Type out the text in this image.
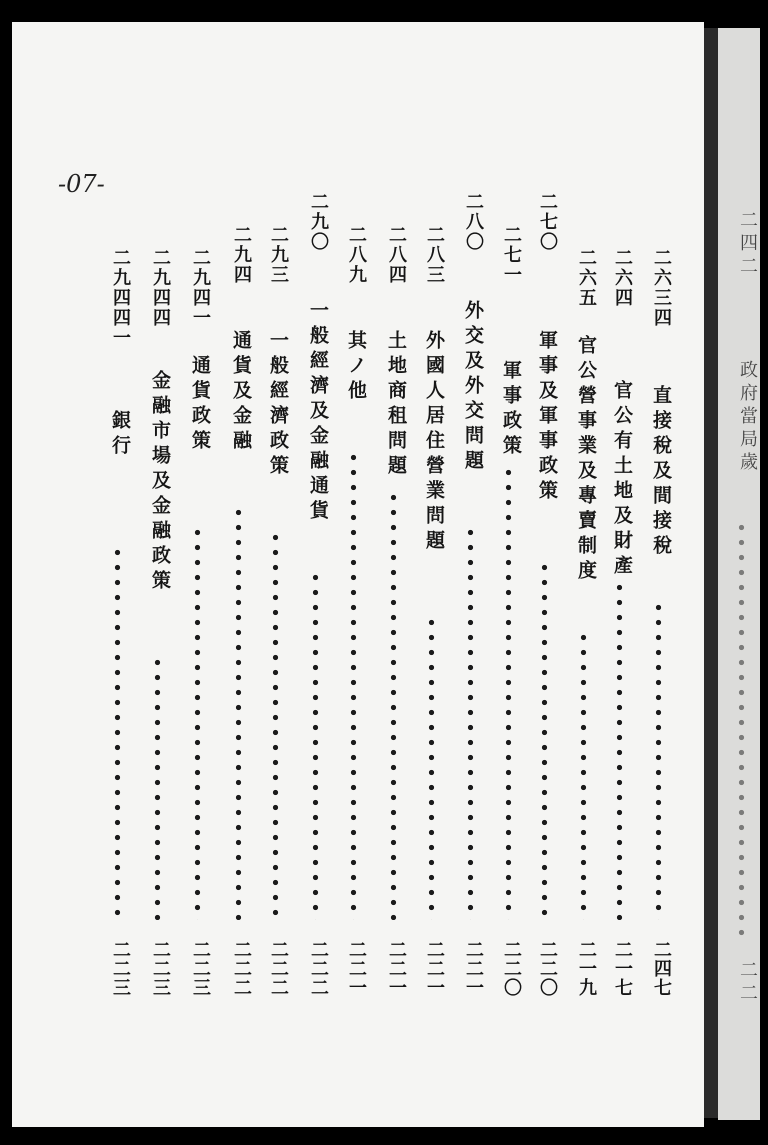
-07-
二四二
政府當局歲
二二
二六三四
直接稅及間接稅
二四七
二六四
官公有土地及財產
二一七
二六五
官公營事業及專賣制度
二一九
二七〇
軍事及軍事政策
二二〇
二七一
軍事政策
二二〇
二八〇
外交及外交問題
二二一
二八三
外國人居住營業問題
二二一
二八四
土地商租問題
二二一
二八九
其ノ他
二二一
二九〇
一般經濟及金融通貨
二二二
二九三
一般經濟政策
二二二
二九四
通貨及金融
二二二
二九四一
通貨政策
二二三
二九四四
金融市場及金融政策
二二三
二九四四一
銀行
二二三
